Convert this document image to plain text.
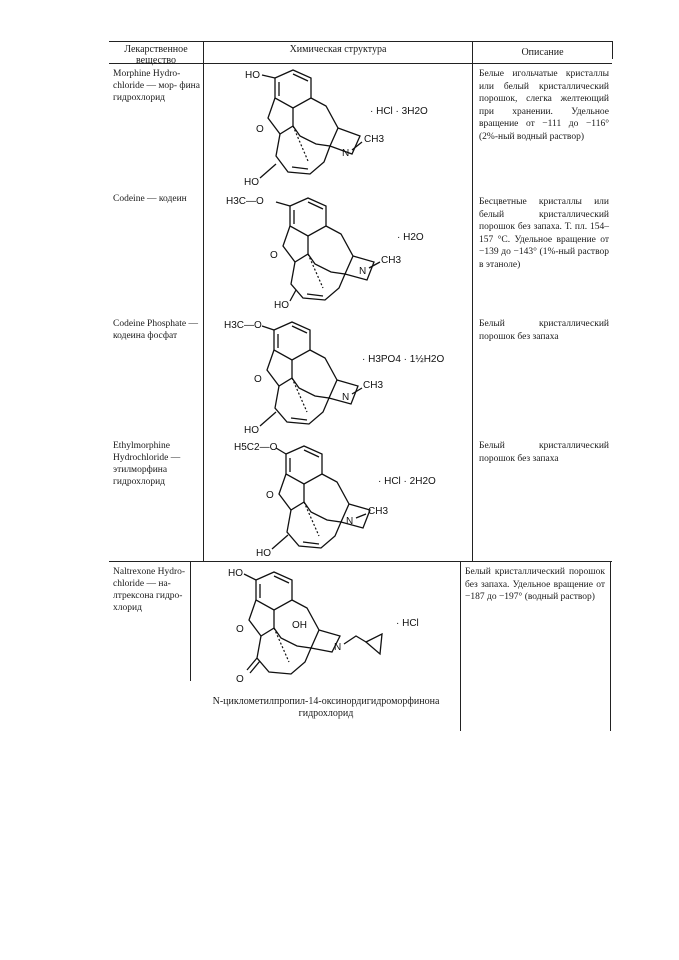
Лекарственное вещество
Химическая структура	Описание
Morphine Hydro- chloride — мор- фина гидрохлорид
Codeine — кодеин
Codeine Phosphate — кодеина фосфат
Ethylmorphine Hydrochloride — этилморфина гидрохлорид
Naltrexone Hydro- chloride — на- лтрексона гидро- хлорид
Белые игольчатые кристаллы или белый кристаллический порошок, слегка желтеющий при хранении. Удельное вращение от −111 до −116° (2%-ный водный раствор)
Бесцветные кристаллы или белый кристаллический порошок без запаха. Т. пл. 154–157 °С. Удельное вращение от −139 до −143° (1%-ный раствор в этаноле)
Белый кристаллический порошок без запаха
Белый кристаллический порошок без запаха
Белый кристаллический порошок без запаха. Удельное вращение от −187 до −197° (водный раствор)
HO
O
HO
N
CH3
· HCl · 3H2O
H3C—O
O
HO
N
CH3
· H2O
H3C—O
O
HO
N
CH3
· H3PO4 · 1½H2O
H5C2—O
O
HO
N
CH3
· HCl · 2H2O
HO
O
O
OH
N
· HCl
N-циклометилпропил-14-оксинордигидроморфинона гидрохлорид
